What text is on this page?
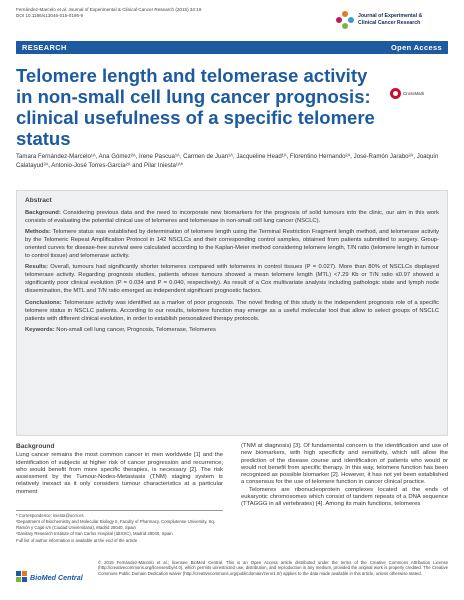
Fernández-Marcelo et al. Journal of Experimental & Clinical Cancer Research (2015) 34:19
DOI 10.1186/s13046-015-0195-9	Journal of Experimental &
Clinical Cancer Research
RESEARCH	Open Access
Telomere length and telomerase activity in non-small cell lung cancer prognosis: clinical usefulness of a specific telomere status
CrossMark
Tamara Fernández-Marcelo¹ᴬ, Ana Gómez²ᴬ, Irene Pascua¹ᴬ, Carmen de Juan¹ᴬ, Jacqueline Head¹ᴬ, Florentino Hernando²ᴬ, José-Ramón Jarabo²ᴬ, Joaquín Calatayud²ᴬ, Antonio-José Torres-García²ᴬ and Pilar Iniesta¹ᴬ*
Abstract

Background: Considering previous data and the need to incorporate new biomarkers for the prognosis of solid tumours into the clinic, our aim in this work consists of evaluating the potential clinical use of telomeres and telomerase in non-small cell lung cancer (NSCLC).

Methods: Telomere status was established by determination of telomere length using the Terminal Restriction Fragment length method, and telomerase activity by the Telomeric Repeat Amplification Protocol in 142 NSCLCs and their corresponding control samples, obtained from patients submitted to surgery. Group-oriented curves for disease-free survival were calculated according to the Kaplan-Meier method considering telomere length, T/N ratio (telomere length in tumour to control tissue) and telomerase activity.

Results: Overall, tumours had significantly shorter telomeres compared with telomeres in control tissues (P = 0.027). More than 80% of NSCLCs displayed telomerase activity. Regarding prognosis studies, patients whose tumours showed a mean telomere length (MTL) <7.29 Kb or T/N ratio ≤0.97 showed a significantly poor clinical evolution (P = 0.034 and P = 0.040, respectively). As result of a Cox multivariate analysis including pathologic state and lymph node dissemination, the MTL and T/N ratio emerged as independent significant prognostic factors.

Conclusions: Telomerase activity was identified as a marker of poor prognosis. The novel finding of this study is the independent prognosis role of a specific telomere status in NSCLC patients. According to our results, telomere function may emerge as a useful molecular tool that allow to select groups of NSCLC patients with different clinical evolution, in order to establish personalized therapy protocols.

Keywords: Non-small cell lung cancer, Prognosis, Telomerase, Telomeres

Background

Lung cancer remains the most common cancer in men worldwide [1] and the identification of subjects at higher risk of cancer progression and recurrence, who would benefit from more specific therapies, is necessary [2]. The risk assessment by the Tumour-Nodes-Metastasis (TNM) staging system is relatively inexact as it only considers tumour characteristics at a particular moment

(TNM at diagnosis) [3]. Of fundamental concern is the identification and use of new biomarkers, with high specificity and sensitivity, which will allow the prediction of the disease course and identification of patients who would or would not benefit from specific therapy. In this way, telomere function has been recognized as possible biomarker [2]. However, it has not yet been established a consensus for the use of telomere function in cancer clinical practice.

Telomeres are ribonucleoprotein complexes located at the ends of eukaryotic chromosomes which consist of tandem repeats of a DNA sequence (TTAGGG in all vertebrates) [4]. Among its main functions, telomeres

* Correspondence: iniesta@ucm.es

¹Department of Biochemistry and Molecular Biology II, Faculty of Pharmacy, Complutense University, Sq. Ramón y Cajal s/n (Ciudad Universitaria), Madrid 28040, Spain

²Sanitary Research Institute of San Carlos Hospital (IdISSC), Madrid 28040, Spain

Full list of author information is available at the end of the article

BioMed Central
© 2015 Fernández-Marcelo et al.; licensee BioMed Central. This is an Open Access article distributed under the terms of the Creative Commons Attribution License (http://creativecommons.org/licenses/by/4.0), which permits unrestricted use, distribution, and reproduction in any medium, provided the original work is properly credited. The Creative Commons Public Domain Dedication waiver (http://creativecommons.org/publicdomain/zero/1.0/) applies to the data made available in this article, unless otherwise stated.
